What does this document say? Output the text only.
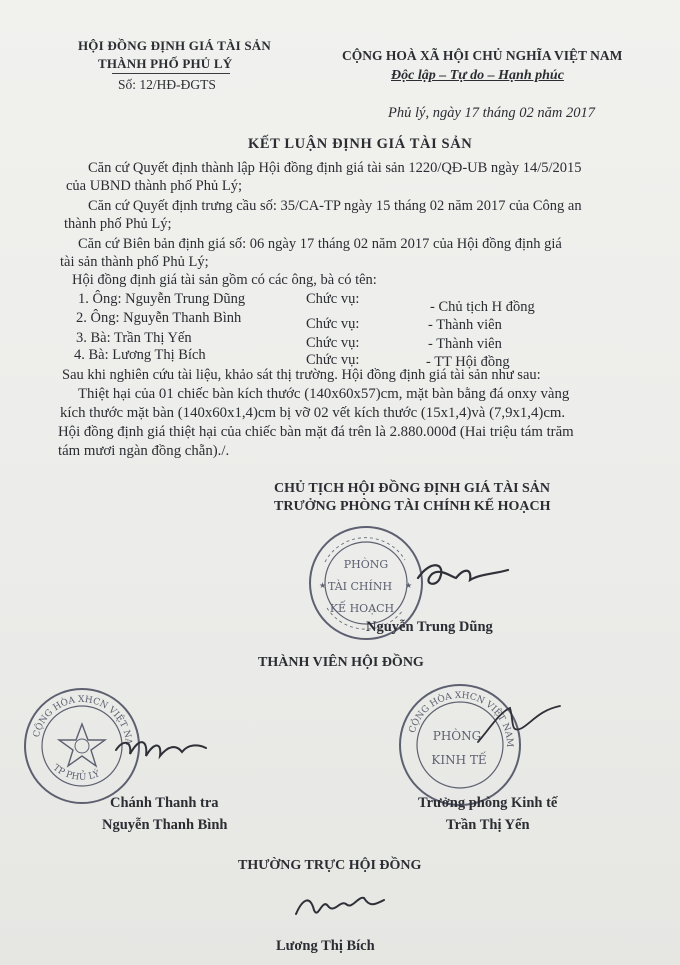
HỘI ĐỒNG ĐỊNH GIÁ TÀI SẢN
THÀNH PHỐ PHỦ LÝ
Số: 12/HĐ-ĐGTS
CỘNG HOÀ XÃ HỘI CHỦ NGHĨA VIỆT NAM
Độc lập – Tự do – Hạnh phúc
Phủ lý, ngày 17 tháng 02 năm 2017
KẾT LUẬN ĐỊNH GIÁ TÀI SẢN
Căn cứ Quyết định thành lập Hội đồng định giá tài sản 1220/QĐ-UB ngày 14/5/2015
của UBND thành phố Phủ Lý;
Căn cứ Quyết định trưng cầu số: 35/CA-TP ngày 15 tháng 02 năm 2017 của Công an
thành phố Phủ Lý;
Căn cứ Biên bản định giá số: 06 ngày 17 tháng 02 năm 2017 của Hội đồng định giá
tài sản thành phố Phủ Lý;
Hội đồng định giá tài sản gồm có các ông, bà có tên:
1. Ông: Nguyễn Trung Dũng	Chức vụ:	- Chủ tịch H đồng
2. Ông: Nguyễn Thanh Bình	Chức vụ:	- Thành viên
3. Bà: Trần Thị Yến	Chức vụ:	- Thành viên
4. Bà: Lương Thị Bích	Chức vụ:	- TT Hội đồng
Sau khi nghiên cứu tài liệu, khảo sát thị trường. Hội đồng định giá tài sản như sau:
Thiệt hại của 01 chiếc bàn kích thước (140x60x57)cm, mặt bàn bằng đá onxy vàng
kích thước mặt bàn (140x60x1,4)cm bị vỡ 02 vết kích thước (15x1,4)và (7,9x1,4)cm.
Hội đồng định giá thiệt hại của chiếc bàn mặt đá trên là 2.880.000đ (Hai triệu tám trăm
tám mươi ngàn đồng chẵn)./.
CHỦ TỊCH HỘI ĐỒNG ĐỊNH GIÁ TÀI SẢN
TRƯỞNG PHÒNG TÀI CHÍNH KẾ HOẠCH
PHÒNG
TÀI CHÍNH
KẾ HOẠCH
★	★
Nguyễn Trung Dũng
THÀNH VIÊN HỘI ĐỒNG
CỘNG HÒA XHCN VIỆT NAM
TP PHỦ LÝ
Chánh Thanh tra
Nguyễn Thanh Bình
CỘNG HÒA XHCN VIỆT NAM
PHÒNG
KINH TẾ
Trưởng phòng Kinh tế
Trần Thị Yến
THƯỜNG TRỰC HỘI ĐỒNG
Lương Thị Bích
